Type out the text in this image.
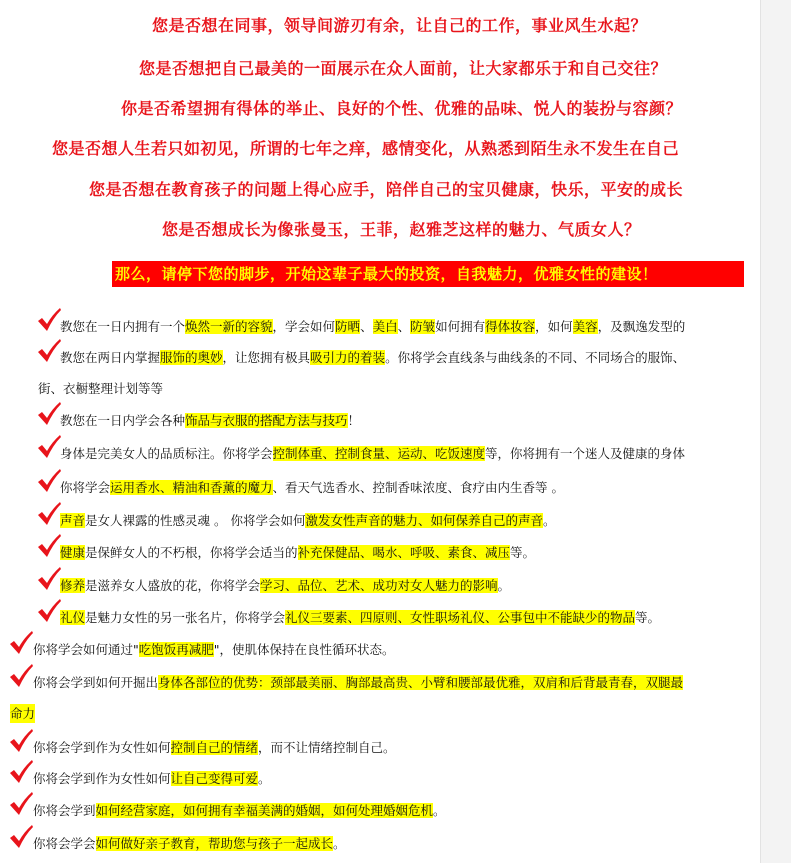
您是否想在同事，领导间游刃有余，让自己的工作，事业风生水起？
您是否想把自己最美的一面展示在众人面前，让大家都乐于和自己交往？
你是否希望拥有得体的举止、良好的个性、优雅的品味、悦人的装扮与容颜？
您是否想人生若只如初见，所谓的七年之痒，感情变化，从熟悉到陌生永不发生在自己
您是否想在教育孩子的问题上得心应手，陪伴自己的宝贝健康，快乐，平安的成长
您是否想成长为像张曼玉，王菲，赵雅芝这样的魅力、气质女人？
那么，请停下您的脚步，开始这辈子最大的投资，自我魅力，优雅女性的建设！
教您在一日内拥有一个焕然一新的容貌，学会如何防晒、美白、防皱如何拥有得体妆容，如何美容，及飘逸发型的
教您在两日内掌握服饰的奥妙，让您拥有极具吸引力的着装。你将学会直线条与曲线条的不同、不同场合的服饰、
街、衣橱整理计划等等
教您在一日内学会各种饰品与衣服的搭配方法与技巧！
身体是完美女人的品质标注。你将学会控制体重、控制食量、运动、吃饭速度等，你将拥有一个迷人及健康的身体
你将学会运用香水、精油和香薰的魔力、看天气选香水、控制香味浓度、食疗由内生香等 。
声音是女人裸露的性感灵魂 。 你将学会如何激发女性声音的魅力、如何保养自己的声音。
健康是保鲜女人的不朽根，你将学会适当的补充保健品、喝水、呼吸、素食、减压等。
修养是滋养女人盛放的花，你将学会学习、品位、艺术、成功对女人魅力的影响。
礼仪是魅力女性的另一张名片，你将学会礼仪三要素、四原则、女性职场礼仪、公事包中不能缺少的物品等。
你将学会如何通过"吃饱饭再减肥"，使肌体保持在良性循环状态。
你将会学到如何开掘出身体各部位的优势：颈部最美丽、胸部最高贵、小臂和腰部最优雅，双肩和后背最青春，双腿最
命力
你将会学到作为女性如何控制自己的情绪，而不让情绪控制自己。
你将会学到作为女性如何让自己变得可爱。
你将会学到如何经营家庭，如何拥有幸福美满的婚姻，如何处理婚姻危机。
你将会学会如何做好亲子教育，帮助您与孩子一起成长。
